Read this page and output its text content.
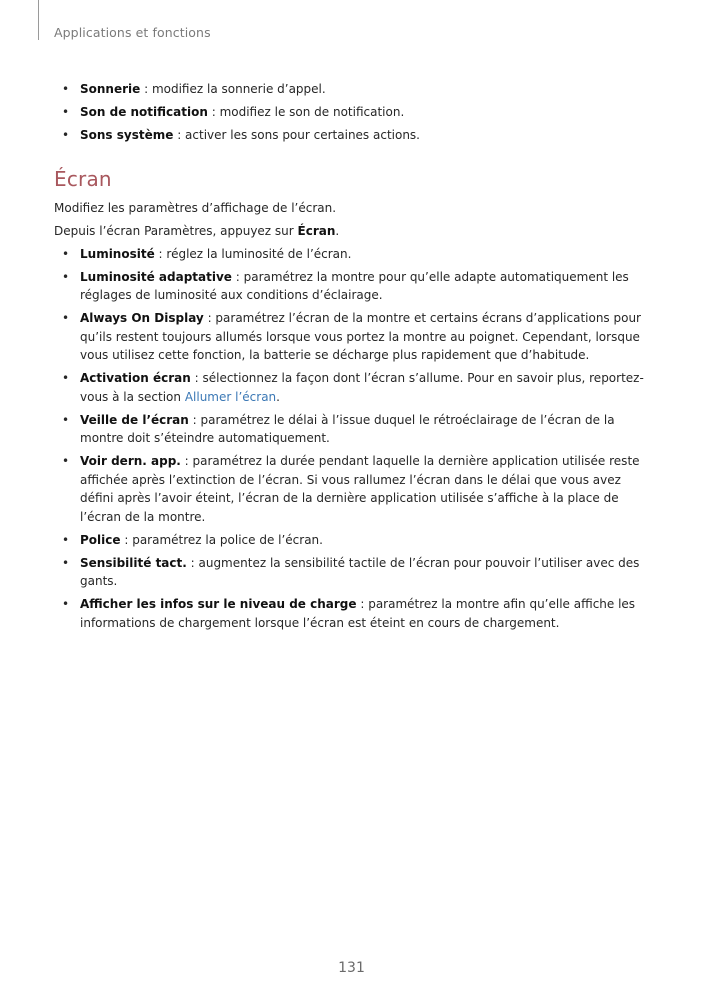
Applications et fonctions
• Sonnerie : modifiez la sonnerie d’appel.
• Son de notification : modifiez le son de notification.
• Sons système : activer les sons pour certaines actions.
Écran

Modifiez les paramètres d’affichage de l’écran.

Depuis l’écran Paramètres, appuyez sur Écran.

• Luminosité : réglez la luminosité de l’écran.
• Luminosité adaptative : paramétrez la montre pour qu’elle adapte automatiquement les réglages de luminosité aux conditions d’éclairage.
• Always On Display : paramétrez l’écran de la montre et certains écrans d’applications pour qu’ils restent toujours allumés lorsque vous portez la montre au poignet. Cependant, lorsque vous utilisez cette fonction, la batterie se décharge plus rapidement que d’habitude.
• Activation écran : sélectionnez la façon dont l’écran s’allume. Pour en savoir plus, reportez-vous à la section Allumer l’écran.
• Veille de l’écran : paramétrez le délai à l’issue duquel le rétroéclairage de l’écran de la montre doit s’éteindre automatiquement.
• Voir dern. app. : paramétrez la durée pendant laquelle la dernière application utilisée reste affichée après l’extinction de l’écran. Si vous rallumez l’écran dans le délai que vous avez défini après l’avoir éteint, l’écran de la dernière application utilisée s’affiche à la place de l’écran de la montre.
• Police : paramétrez la police de l’écran.
• Sensibilité tact. : augmentez la sensibilité tactile de l’écran pour pouvoir l’utiliser avec des gants.
• Afficher les infos sur le niveau de charge : paramétrez la montre afin qu’elle affiche les informations de chargement lorsque l’écran est éteint en cours de chargement.
131
